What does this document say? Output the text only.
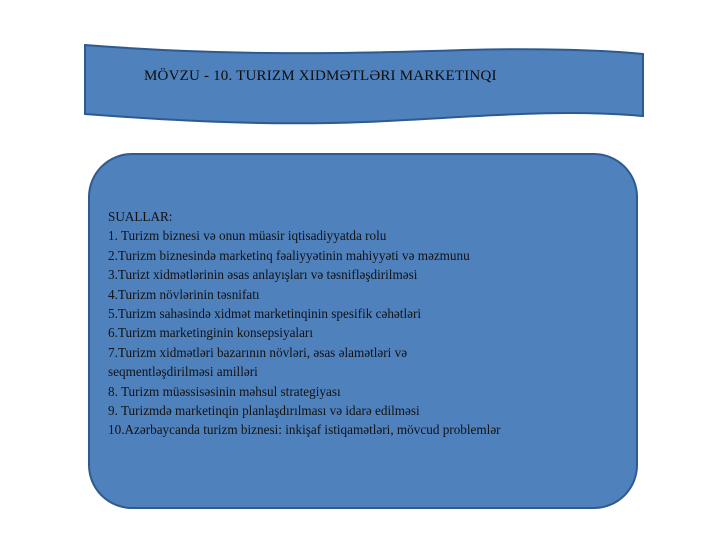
MÖVZU - 10. TURIZM XIDMƏTLƏRI MARKETINQI
SUALLAR:
1. Turizm biznesi və onun müasir iqtisadiyyatda rolu
2.Turizm biznesində marketinq fəaliyyətinin mahiyyəti və məzmunu
3.Turizt xidmətlərinin əsas anlayışları və təsnifləşdirilməsi
4.Turizm növlərinin təsnifatı
5.Turizm sahəsində xidmət marketinqinin spesifik cəhətləri
6.Turizm marketinginin konsepsiyaları
7.Turizm xidmətləri bazarının növləri, əsas əlamətləri və
seqmentləşdirilməsi amilləri
8. Turizm müəssisəsinin məhsul strategiyası
9. Turizmdə marketinqin planlaşdırılması və idarə edilməsi
10.Azərbaycanda turizm biznesi: inkişaf istiqamətləri, mövcud problemlər
